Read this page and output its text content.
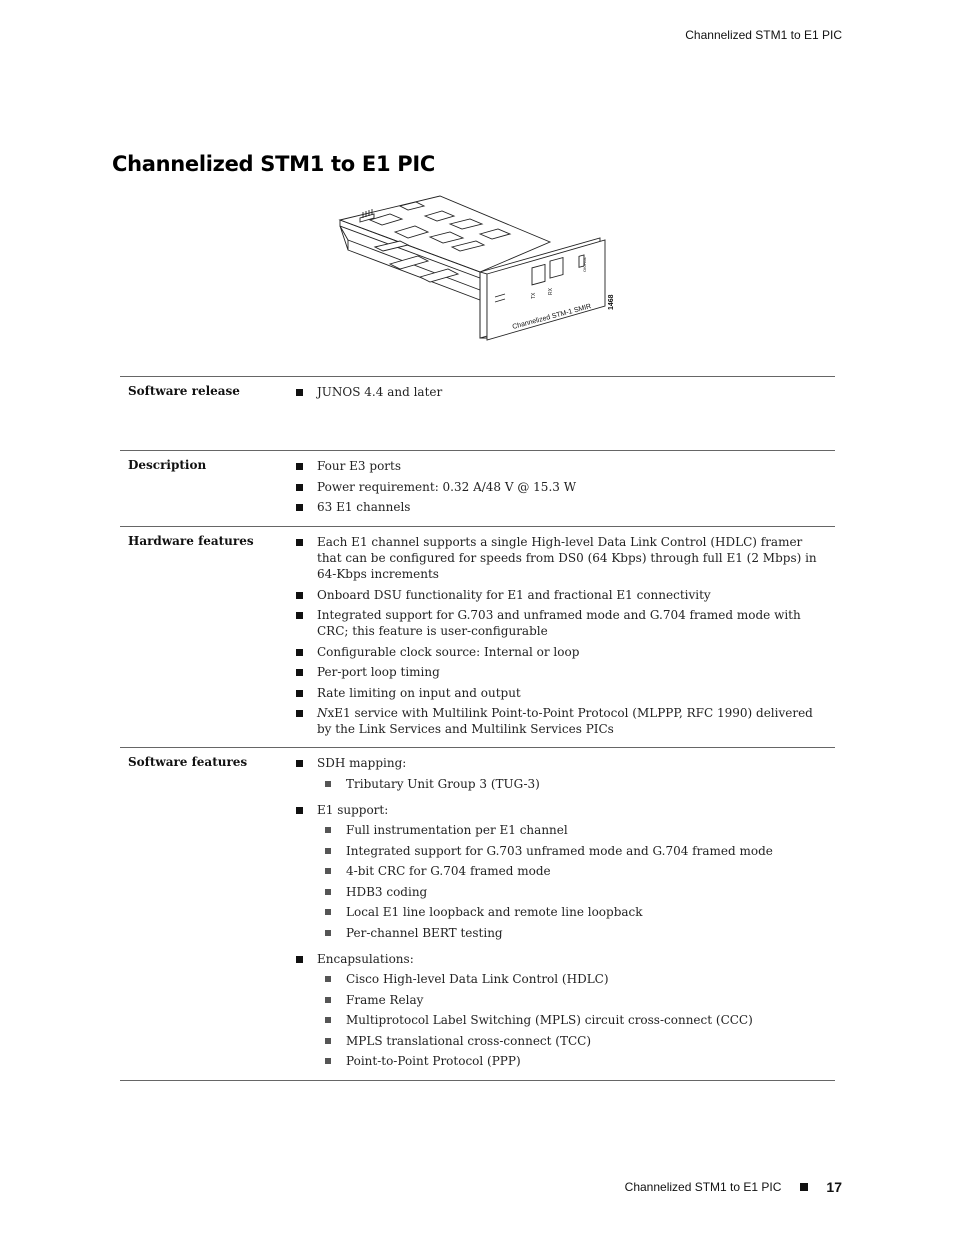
Channelized STM1 to E1 PIC
Channelized STM1 to E1 PIC
TX
RX
OK/FAIL
Channelized STM-1 SMIR
1468
Software release	JUNOS 4.4 and later
Description	Four E3 ports
Power requirement: 0.32 A/48 V @ 15.3 W
63 E1 channels
Hardware features	Each E1 channel supports a single High-level Data Link Control (HDLC) framer that can be configured for speeds from DS0 (64 Kbps) through full E1 (2 Mbps) in 64-Kbps increments
Onboard DSU functionality for E1 and fractional E1 connectivity
Integrated support for G.703 and unframed mode and G.704 framed mode with CRC; this feature is user-configurable
Configurable clock source: Internal or loop
Per-port loop timing
Rate limiting on input and output
NxE1 service with Multilink Point-to-Point Protocol (MLPPP, RFC 1990) delivered by the Link Services and Multilink Services PICs
Software features	SDH mapping:
Tributary Unit Group 3 (TUG-3)
E1 support:
Full instrumentation per E1 channel
Integrated support for G.703 unframed mode and G.704 framed mode
4-bit CRC for G.704 framed mode
HDB3 coding
Local E1 line loopback and remote line loopback
Per-channel BERT testing
Encapsulations:
Cisco High-level Data Link Control (HDLC)
Frame Relay
Multiprotocol Label Switching (MPLS) circuit cross-connect (CCC)
MPLS translational cross-connect (TCC)
Point-to-Point Protocol (PPP)
Channelized STM1 to E1 PIC	17
